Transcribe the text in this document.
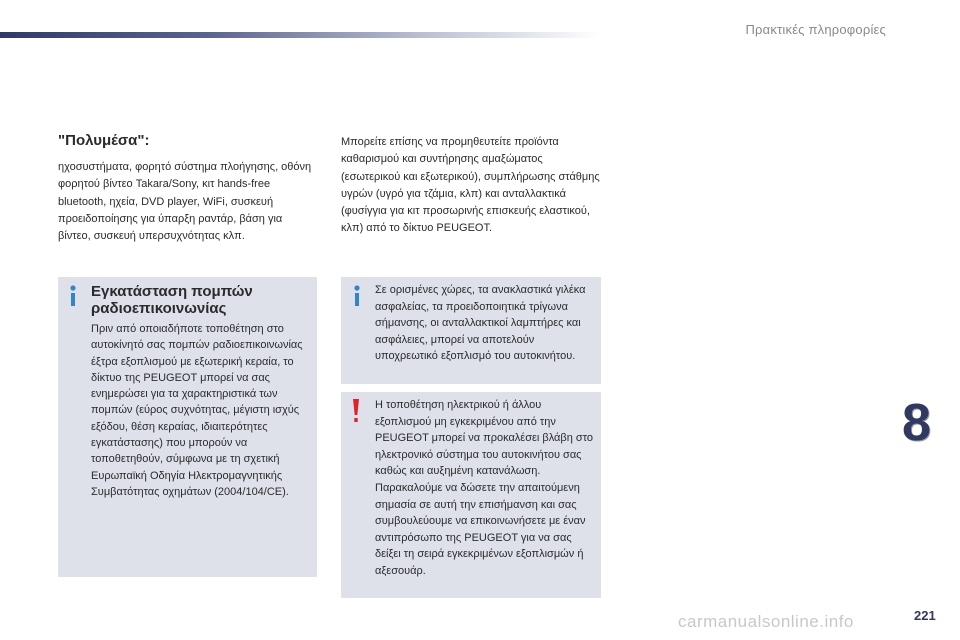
Πρακτικές πληροφορίες
"Πολυμέσα":
ηχοσυστήματα, φορητό σύστημα πλοήγησης, οθόνη φορητού βίντεο Takara/Sony, κιτ hands-free bluetooth, ηχεία, DVD player, WiFi, συσκευή προειδοποίησης για ύπαρξη ραντάρ, βάση για βίντεο, συσκευή υπερσυχνότητας κλπ.
Μπορείτε επίσης να προμηθευτείτε προϊόντα καθαρισμού και συντήρησης αμαξώματος (εσωτερικού και εξωτερικού), συμπλήρωσης στάθμης υγρών (υγρό για τζάμια, κλπ) και ανταλλακτικά (φυσίγγια για κιτ προσωρινής επισκευής ελαστικού, κλπ) από το δίκτυο PEUGEOT.
Εγκατάσταση πομπών ραδιοεπικοινωνίας
Πριν από οποιαδήποτε τοποθέτηση στο αυτοκίνητό σας πομπών ραδιοεπικοινωνίας έξτρα εξοπλισμού με εξωτερική κεραία, το δίκτυο της PEUGEOT μπορεί να σας ενημερώσει για τα χαρακτηριστικά των πομπών (εύρος συχνότητας, μέγιστη ισχύς εξόδου, θέση κεραίας, ιδιαιτερότητες εγκατάστασης) που μπορούν να τοποθετηθούν, σύμφωνα με τη σχετική Ευρωπαϊκή Οδηγία Ηλεκτρομαγνητικής Συμβατότητας οχημάτων (2004/104/CE).
Σε ορισμένες χώρες, τα ανακλαστικά γιλέκα ασφαλείας, τα προειδοποιητικά τρίγωνα σήμανσης, οι ανταλλακτικοί λαμπτήρες και ασφάλειες, μπορεί να αποτελούν υποχρεωτικό εξοπλισμό του αυτοκινήτου.
Η τοποθέτηση ηλεκτρικού ή άλλου εξοπλισμού μη εγκεκριμένου από την PEUGEOT μπορεί να προκαλέσει βλάβη στο ηλεκτρονικό σύστημα του αυτοκινήτου σας καθώς και αυξημένη κατανάλωση.
Παρακαλούμε να δώσετε την απαιτούμενη σημασία σε αυτή την επισήμανση και σας συμβουλεύουμε να επικοινωνήσετε με έναν αντιπρόσωπο της PEUGEOT για να σας δείξει τη σειρά εγκεκριμένων εξοπλισμών ή αξεσουάρ.
8
carmanualsonline.info	221
